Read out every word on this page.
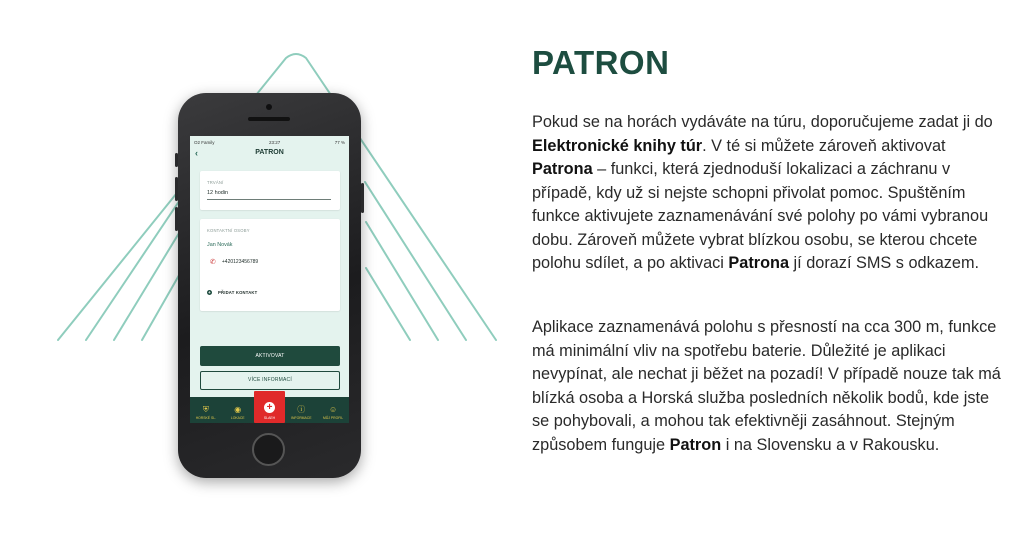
O2 Family	23:27	77 %
‹	PATRON
TRVÁNÍ
12 hodin
KONTAKTNÍ OSOBY
Jan Novák
✆ +420123456789
+ PŘIDAT KONTAKT
AKTIVOVAT
VÍCE INFORMACÍ
⛨
HORSKÉ SL.
◉
LOKACE
+
SLAEH
ⓘ
INFORMACE
☺
MŮJ PROFIL
PATRON

Pokud se na horách vydáváte na túru, doporučujeme zadat ji do Elektronické knihy túr. V té si můžete zároveň aktivovat Patrona – funkci, která zjednoduší lokalizaci a záchranu v případě, kdy už si nejste schopni přivolat pomoc. Spuštěním funkce aktivujete zaznamenávání své polohy po vámi vybranou dobu. Zároveň můžete vybrat blízkou osobu, se kterou chcete polohu sdílet, a po aktivaci Patrona jí dorazí SMS s odkazem.

Aplikace zaznamenává polohu s přesností na cca 300 m, funkce má minimální vliv na spotřebu baterie. Důležité je aplikaci nevypínat, ale nechat ji běžet na pozadí! V případě nouze tak má blízká osoba a Horská služba posledních několik bodů, kde jste se pohybovali, a mohou tak efektivněji zasáhnout. Stejným způsobem funguje Patron i na Slovensku a v Rakousku.
